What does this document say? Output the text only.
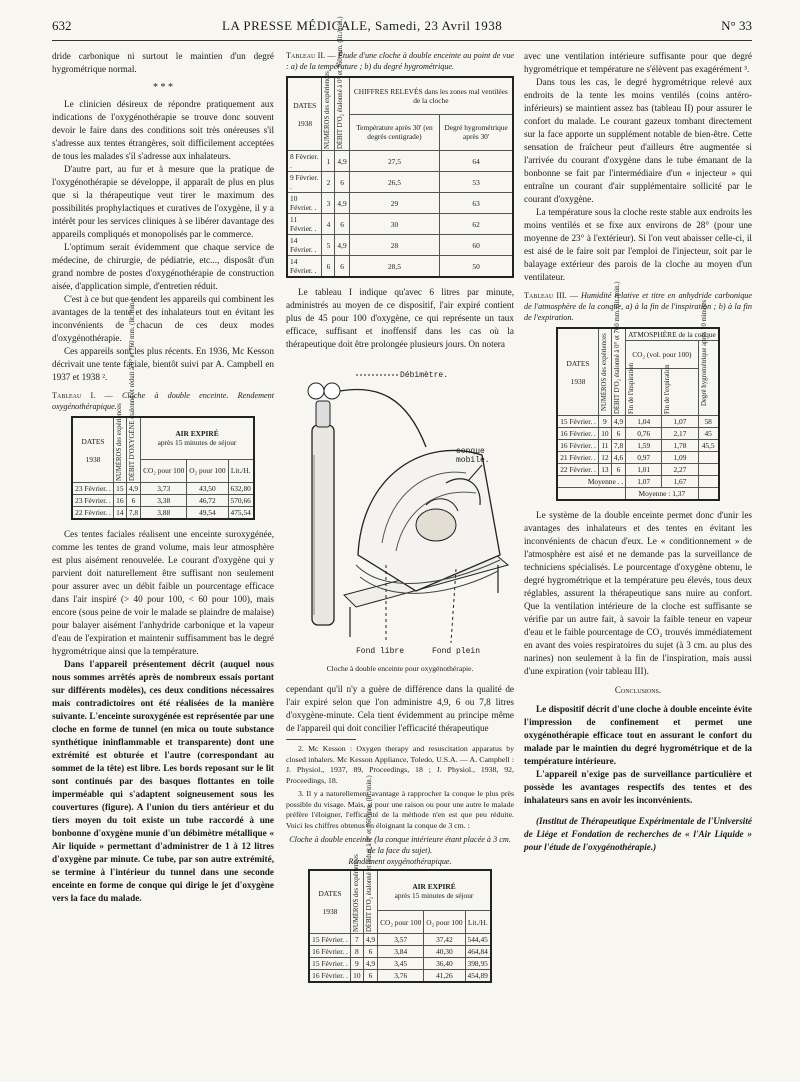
632	LA PRESSE MÉDICALE, Samedi, 23 Avril 1938	N° 33

dride carbonique ni surtout le maintien d'un degré hygrométrique normal.

* * *

Le clinicien désireux de répondre pratiquement aux indications de l'oxygénothérapie se trouve donc souvent devoir le faire dans des conditions soit très onéreuses s'il s'adresse aux tentes étrangères, soit difficilement acceptées de tous les malades s'il s'adresse aux inhalateurs.

D'autre part, au fur et à mesure que la pratique de l'oxygénothérapie se développe, il apparaît de plus en plus que si la thérapeutique veut tirer le maximum des possibilités prophylactiques et curatives de l'oxygène, il y a intérêt pour les services cliniques à se libérer davantage des appareils compliqués et monopolisés par le commerce.

L'optimum serait évidemment que chaque service de médecine, de chirurgie, de pédiatrie, etc..., disposât d'un grand nombre de postes d'oxygénothérapie de construction aisée, d'application simple, d'entretien réduit.

C'est à ce but que tendent les appareils qui combinent les avantages de la tente et des inhalateurs tout en évitant les inconvénients de chacun de ces deux modes d'oxygénothérapie.

Ces appareils sont les plus récents. En 1936, Mc Kesson décrivait une tente faciale, bientôt suivi par A. Campbell en 1937 et 1938 ².

Tableau I. — Cloche à double enceinte. Rendement oxygénothérapique.
DATES

1938	NUMÉROS des expériences	DÉBIT D'OXYGÈNE étalonné et réduit à 0° et 760 mm. (lit./min.)	AIR EXPIRÉ
après 15 minutes de séjour		
			CO₂ pour 100	O₂ pour 100	Lit./H.

23 Février. .	15	4,9	3,73	43,50	632,80
23 Février. .	16	6	3,38	46,72	570,66
22 Février. .	14	7,8	3,88	49,54	475,54

Ces tentes faciales réalisent une enceinte suroxygénée, comme les tentes de grand volume, mais leur atmosphère est plus aisément renouvelée. Le courant d'oxygène qui y parvient doit naturellement être suffisant non seulement pour assurer avec un débit faible un pourcentage efficace dans l'air inspiré (> 40 pour 100, < 60 pour 100), mais encore (sous peine de voir le malade se plaindre de malaise) pour balayer aisément l'anhydride carbonique et la vapeur d'eau de l'expiration et maintenir suffisamment bas le degré hygrométrique ainsi que la température.

Dans l'appareil présentement décrit (auquel nous nous sommes arrêtés après de nombreux essais portant sur différents modèles), ces deux conditions nécessaires mais contradictoires ont été réalisées de la manière suivante. L'enceinte suroxygénée est représentée par une cloche en forme de tunnel (en mica ou toute substance synthétique ininflammable et transparente) dont une extrémité est obturée et l'autre (correspondant au sommet de la tête) est libre. Les bords reposant sur le lit sont continués par des basques flottantes en toile imperméable qui s'adaptent soigneusement sous les couvertures (figure). A l'union du tiers antérieur et du tiers moyen du toit existe un tube raccordé à une bonbonne d'oxygène munie d'un débimètre métallique « Air liquide » permettant d'administrer de 1 à 12 litres d'oxygène par minute. Ce tube, par son autre extrémité, se termine à l'intérieur du tunnel dans une seconde enceinte en forme de conque qui dirige le jet d'oxygène vers la face du malade.

Tableau II. — Étude d'une cloche à double enceinte au point de vue : a) de la température ; b) du degré hygrométrique.
DATES

1938	NUMÉROS des expériences	DÉBIT D'O₂ étalonné à 0° et 760 mm. (lit./min.)	CHIFFRES RELEVÉS dans les zones mal ventilées de la cloche	
			Température après 30' (en degrés centigrade)	Degré hygrométrique après 30'
8 Février. .	1	4,9	27,5	64
9 Février. .	2	6	26,5	53
10 Février. .	3	4,9	29	63
11 Février. .	4	6	30	62
14 Février. .	5	4,9	28	60
14 Février. .	6	6	28,5	50

Le tableau I indique qu'avec 6 litres par minute, administrés au moyen de ce dispositif, l'air expiré contient plus de 45 pour 100 d'oxygène, ce qui représente un taux efficace, suffisant et inoffensif dans les cas où la thérapeutique doit être prolongée plusieurs jours. On notera

Débimètre.
conque mobile.
Fond libre	Fond plein
Cloche à double enceinte pour oxygénothérapie.

cependant qu'il n'y a guère de différence dans la qualité de l'air expiré selon que l'on administre 4,9, 6 ou 7,8 litres d'oxygène-minute. Cela tient évidemment au principe même de l'appareil qui doit concilier l'efficacité thérapeutique

2. Mc Kesson : Oxygen therapy and resuscitation apparatus by closed inhalers. Mc Kesson Appliance, Toledo, U.S.A. — A. Campbell : J. Physiol., 1937, 89, Proceedings, 18 ; J. Physiol., 1938, 92, Proceedings, 18.

3. Il y a naturellement avantage à rapprocher la conque le plus près possible du visage. Mais, si pour une raison ou pour une autre le malade préfère l'éloigner, l'efficacité de la méthode n'en est que peu réduite. Voici les chiffres obtenus en éloignant la conque de 3 cm. :

Cloche à double enceinte (la conque intérieure étant placée à 3 cm. de la face du sujet).
Rendement oxygénothérapique.
DATES

1938	NUMÉROS des expériences	DÉBIT D'O₂ étalonné et réduit à 0° et 760 mm. (lit./min.)	AIR EXPIRÉ
après 15 minutes de séjour		
			CO₂ pour 100	O₂ pour 100	Lit./H.
15 Février. .	7	4,9	3,57	37,42	544,45
16 Février. .	8	6	3,84	40,30	464,84
15 Février. .	9	4,9	3,45	36,40	398,95
16 Février. .	10	6	3,76	41,26	454,89

avec une ventilation intérieure suffisante pour que degré hygrométrique et température ne s'élèvent pas exagérément ³.

Dans tous les cas, le degré hygrométrique relevé aux endroits de la tente les moins ventilés (coins antéro-inférieurs) se maintient assez bas (tableau II) pour assurer le confort du malade. Le courant gazeux tombant directement sur la face apporte un supplément notable de bien-être. Cette sensation de fraîcheur peut d'ailleurs être augmentée si l'arrivée du courant d'oxygène dans le tube émanant de la bonbonne se fait par l'intermédiaire d'un « injecteur » qui entraîne un courant d'air supplémentaire sollicité par le courant d'oxygène.

La température sous la cloche reste stable aux endroits les moins ventilés et se fixe aux environs de 28° (pour une moyenne de 23° à l'extérieur). Si l'on veut abaisser celle-ci, il est aisé de le faire soit par l'emploi de l'injecteur, soit par le balayage extérieur des parois de la cloche au moyen d'un ventilateur.

Tableau III. — Humidité relative et titre en anhydride carbonique de l'atmosphère de la conque, a) à la fin de l'inspiration ; b) à la fin de l'expiration.
DATES

1938	NUMÉROS des expériences	DÉBIT D'O₂ étalonné à 0° et 760 mm. (lit./min.)	ATMOSPHÈRE de la conque		
			CO₂ (vol. pour 100)		Degré hygrométrique après 10 minutes

			Fin de l'inspiration	Fin de l'expiration	

15 Février. .	9	4,9	1,04	1,07	58
16 Février. .	10	6	0,76	2,17	45
16 Février. .	11	7,8	1,59	1,78	45,5
21 Février. .	12	4,6	0,97	1,09	
22 Février. .	13	6	1,01	2,27	
Moyenne . .			1,07	1,67	
			Moyenne : 1,37		

Le système de la double enceinte permet donc d'unir les avantages des inhalateurs et des tentes en évitant les inconvénients de chacun d'eux. Le « conditionnement » de l'atmosphère est aisé et ne demande pas la surveillance de techniciens spécialisés. Le pourcentage d'oxygène obtenu, le degré hygrométrique et la température peu élevés, tous deux réglables, assurent la thérapeutique sans nuire au confort. Que la ventilation intérieure de la cloche est suffisante se vérifie par un autre fait, à savoir la faible teneur en vapeur d'eau et le faible pourcentage de CO₂ trouvés immédiatement en avant des voies respiratoires du sujet (à 3 cm. au plus des narines) non seulement à la fin de l'inspiration, mais aussi d'une expiration (voir tableau III).

Conclusions.

Le dispositif décrit d'une cloche à double enceinte évite l'impression de confinement et permet une oxygénothérapie efficace tout en assurant le confort du malade par le maintien du degré hygrométrique et de la température intérieure.

L'appareil n'exige pas de surveillance particulière et possède les avantages respectifs des tentes et des inhalateurs sans en avoir les inconvénients.

(Institut de Thérapeutique Expérimentale de l'Université de Liége et Fondation de recherches de « l'Air Liquide » pour l'étude de l'oxygénothérapie.)
